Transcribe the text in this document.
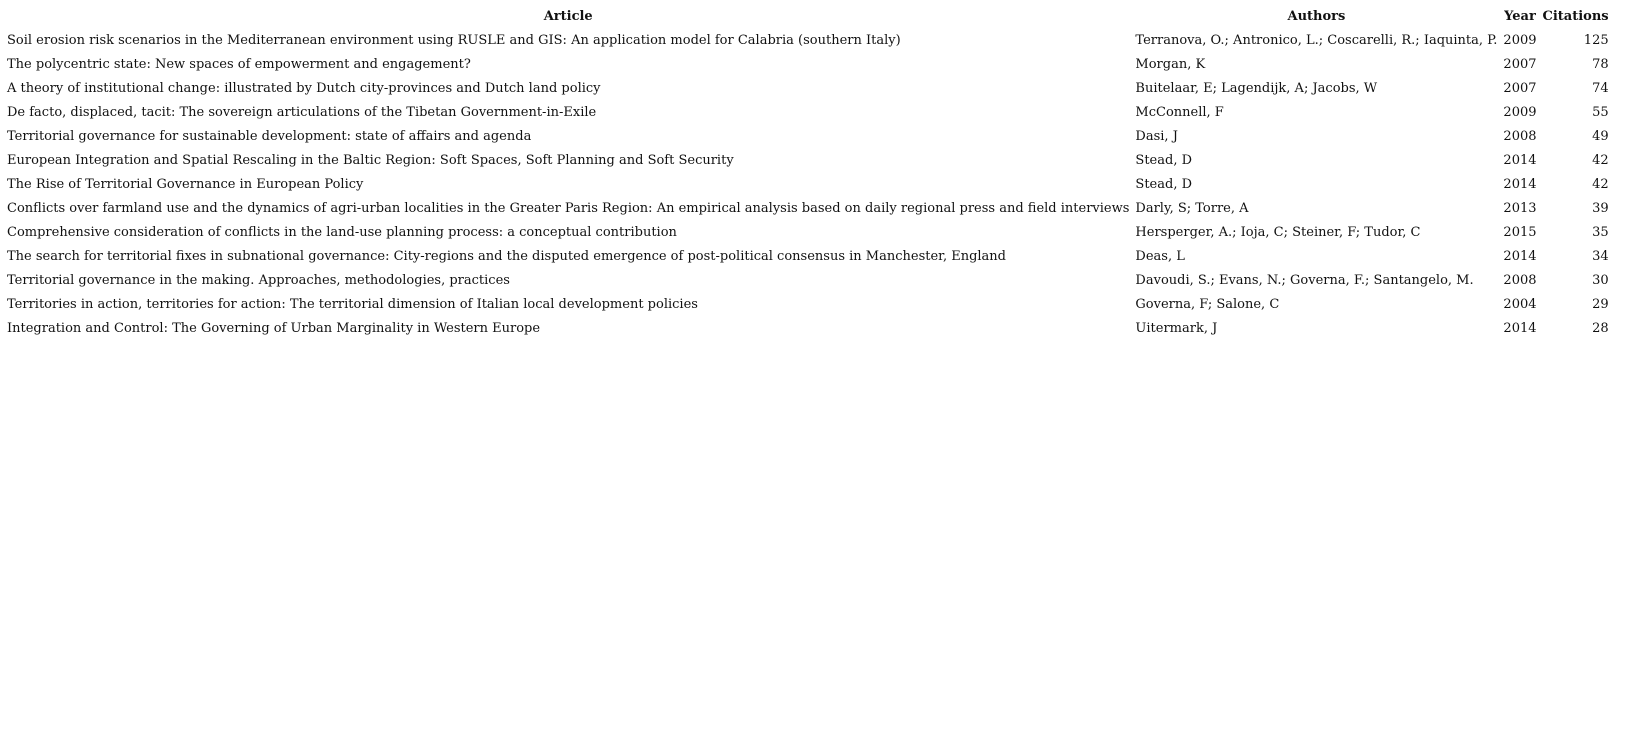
Article	Authors	Year	Citations
Soil erosion risk scenarios in the Mediterranean environment using RUSLE and GIS: An application model for Calabria (southern Italy)	Terranova, O.; Antronico, L.; Coscarelli, R.; Iaquinta, P.	2009	125
The polycentric state: New spaces of empowerment and engagement?	Morgan, K	2007	78
A theory of institutional change: illustrated by Dutch city-provinces and Dutch land policy	Buitelaar, E; Lagendijk, A; Jacobs, W	2007	74
De facto, displaced, tacit: The sovereign articulations of the Tibetan Government-in-Exile	McConnell, F	2009	55
Territorial governance for sustainable development: state of affairs and agenda	Dasi, J	2008	49
European Integration and Spatial Rescaling in the Baltic Region: Soft Spaces, Soft Planning and Soft Security	Stead, D	2014	42
The Rise of Territorial Governance in European Policy	Stead, D	2014	42
Conflicts over farmland use and the dynamics of agri-urban localities in the Greater Paris Region: An empirical analysis based on daily regional press and field interviews	Darly, S; Torre, A	2013	39
Comprehensive consideration of conflicts in the land-use planning process: a conceptual contribution	Hersperger, A.; Ioja, C; Steiner, F; Tudor, C	2015	35
The search for territorial fixes in subnational governance: City-regions and the disputed emergence of post-political consensus in Manchester, England	Deas, L	2014	34
Territorial governance in the making. Approaches, methodologies, practices	Davoudi, S.; Evans, N.; Governa, F.; Santangelo, M.	2008	30
Territories in action, territories for action: The territorial dimension of Italian local development policies	Governa, F; Salone, C	2004	29
Integration and Control: The Governing of Urban Marginality in Western Europe	Uitermark, J	2014	28
